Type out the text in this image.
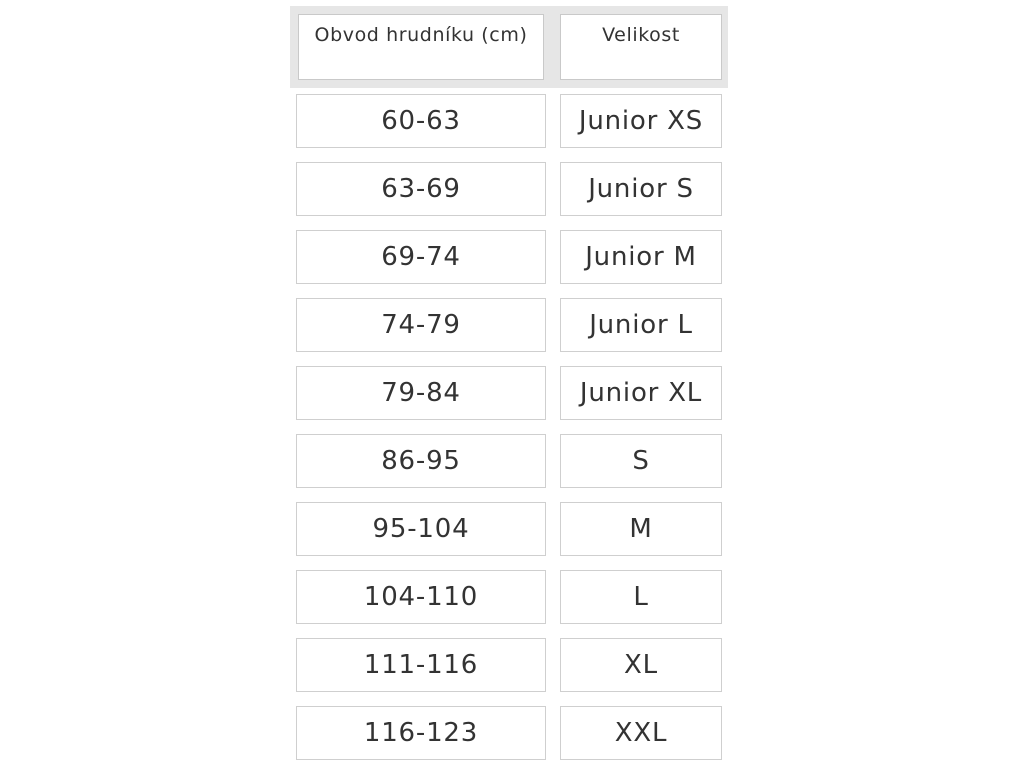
Obvod hrudníku (cm)	Velikost
60-63	Junior XS
63-69	Junior S
69-74	Junior M
74-79	Junior L
79-84	Junior XL
86-95	S
95-104	M
104-110	L
111-116	XL
116-123	XXL
